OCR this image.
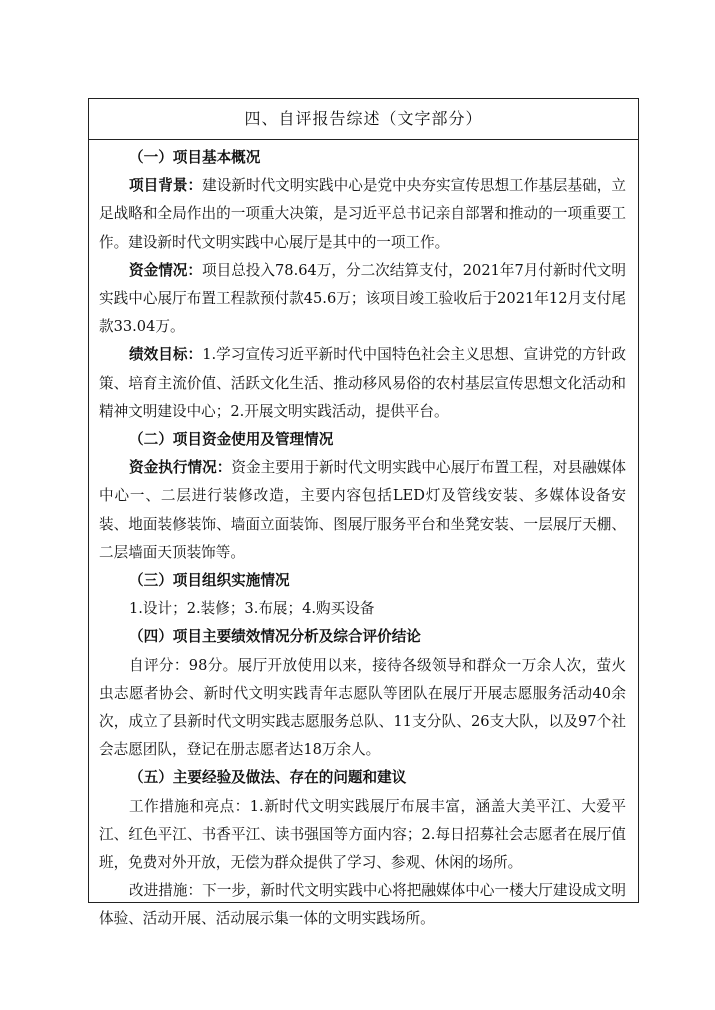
四、自评报告综述（文字部分）

（一）项目基本概况

项目背景：建设新时代文明实践中心是党中央夯实宣传思想工作基层基础，立足战略和全局作出的一项重大决策，是习近平总书记亲自部署和推动的一项重要工作。建设新时代文明实践中心展厅是其中的一项工作。

资金情况：项目总投入78.64万，分二次结算支付，2021年7月付新时代文明实践中心展厅布置工程款预付款45.6万；该项目竣工验收后于2021年12月支付尾款33.04万。

绩效目标：1.学习宣传习近平新时代中国特色社会主义思想、宣讲党的方针政策、培育主流价值、活跃文化生活、推动移风易俗的农村基层宣传思想文化活动和精神文明建设中心；2.开展文明实践活动，提供平台。

（二）项目资金使用及管理情况

资金执行情况：资金主要用于新时代文明实践中心展厅布置工程，对县融媒体中心一、二层进行装修改造，主要内容包括LED灯及管线安装、多媒体设备安装、地面装修装饰、墙面立面装饰、图展厅服务平台和坐凳安装、一层展厅天棚、二层墙面天顶装饰等。

（三）项目组织实施情况

1.设计；2.装修；3.布展；4.购买设备

（四）项目主要绩效情况分析及综合评价结论

自评分：98分。展厅开放使用以来，接待各级领导和群众一万余人次，萤火虫志愿者协会、新时代文明实践青年志愿队等团队在展厅开展志愿服务活动40余次，成立了县新时代文明实践志愿服务总队、11支分队、26支大队，以及97个社会志愿团队，登记在册志愿者达18万余人。

（五）主要经验及做法、存在的问题和建议

工作措施和亮点：1.新时代文明实践展厅布展丰富，涵盖大美平江、大爱平江、红色平江、书香平江、读书强国等方面内容；2.每日招募社会志愿者在展厅值班，免费对外开放，无偿为群众提供了学习、参观、休闲的场所。

改进措施：下一步，新时代文明实践中心将把融媒体中心一楼大厅建设成文明体验、活动开展、活动展示集一体的文明实践场所。
